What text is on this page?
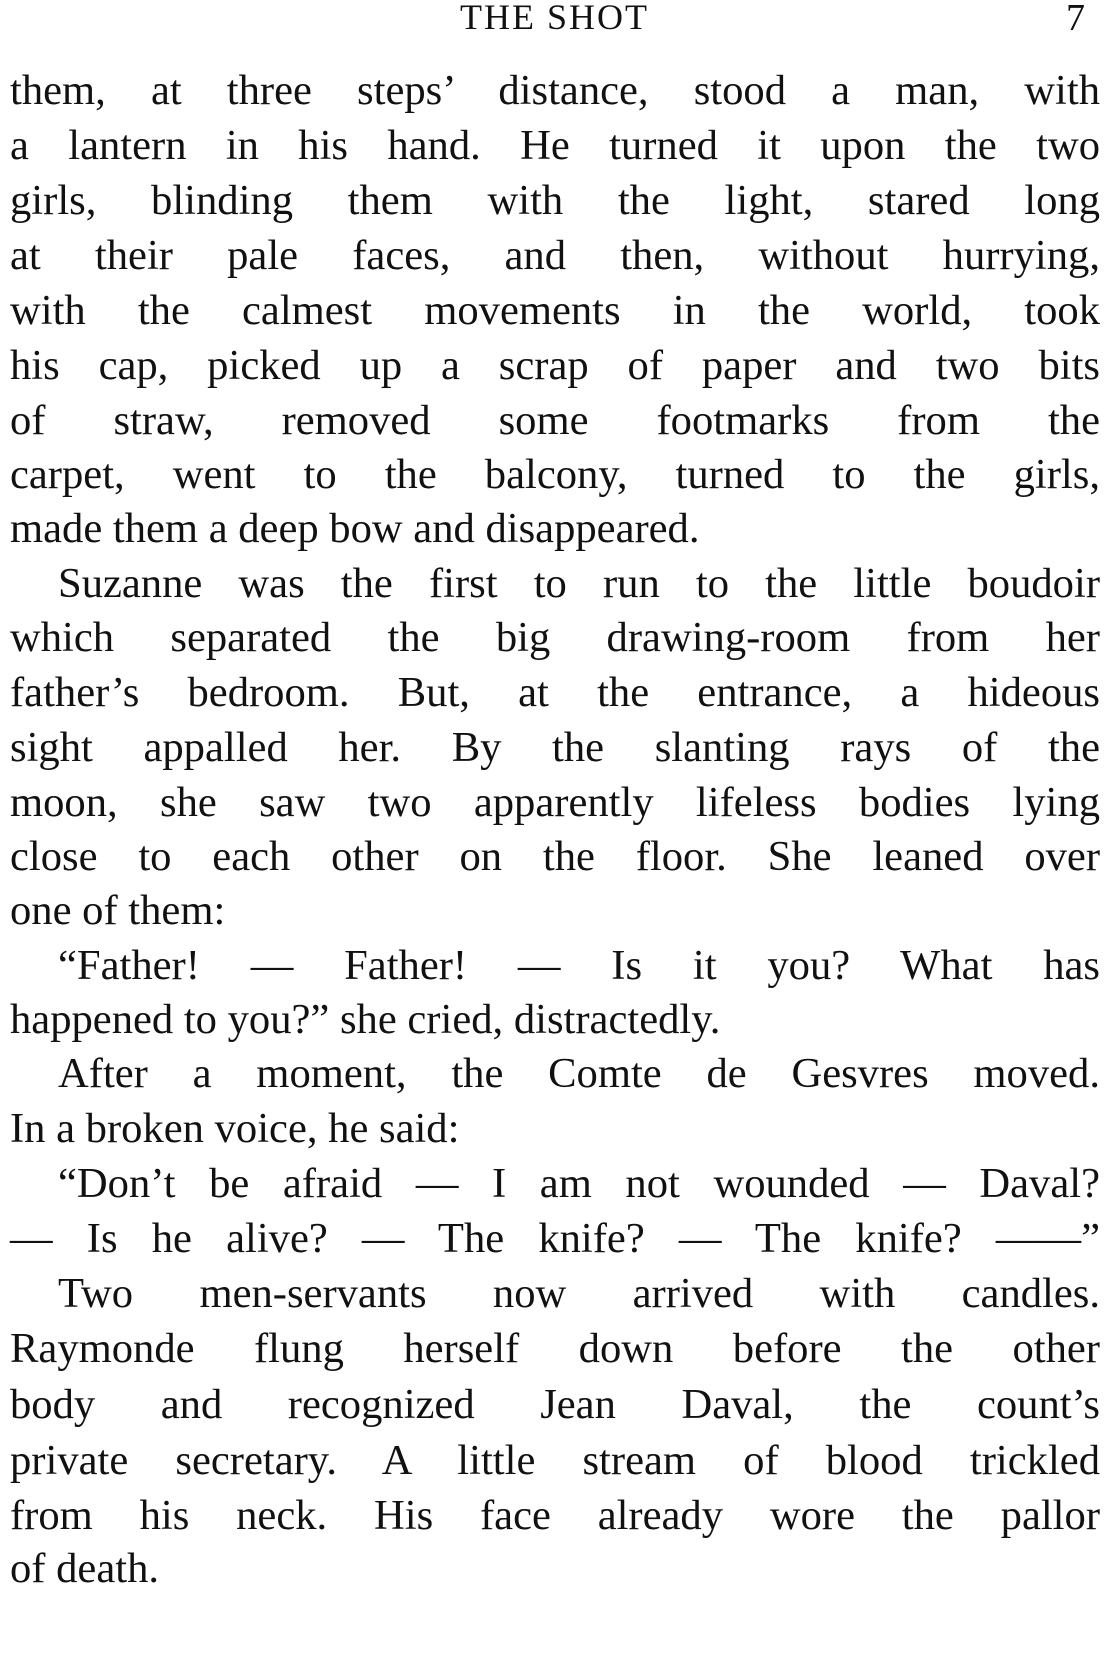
THE SHOT	7
them, at three steps’ distance, stood a man, with
a lantern in his hand. He turned it upon the two
girls, blinding them with the light, stared long
at their pale faces, and then, without hurrying,
with the calmest movements in the world, took
his cap, picked up a scrap of paper and two bits
of straw, removed some footmarks from the
carpet, went to the balcony, turned to the girls,
made them a deep bow and disappeared.
Suzanne was the first to run to the little boudoir
which separated the big drawing-room from her
father’s bedroom. But, at the entrance, a hideous
sight appalled her. By the slanting rays of the
moon, she saw two apparently lifeless bodies lying
close to each other on the floor. She leaned over
one of them:
“Father! — Father! — Is it you? What has
happened to you?” she cried, distractedly.
After a moment, the Comte de Gesvres moved.
In a broken voice, he said:
“Don’t be afraid — I am not wounded — Daval?
— Is he alive? — The knife? — The knife? ——”
Two men-servants now arrived with candles.
Raymonde flung herself down before the other
body and recognized Jean Daval, the count’s
private secretary. A little stream of blood trickled
from his neck. His face already wore the pallor
of death.
